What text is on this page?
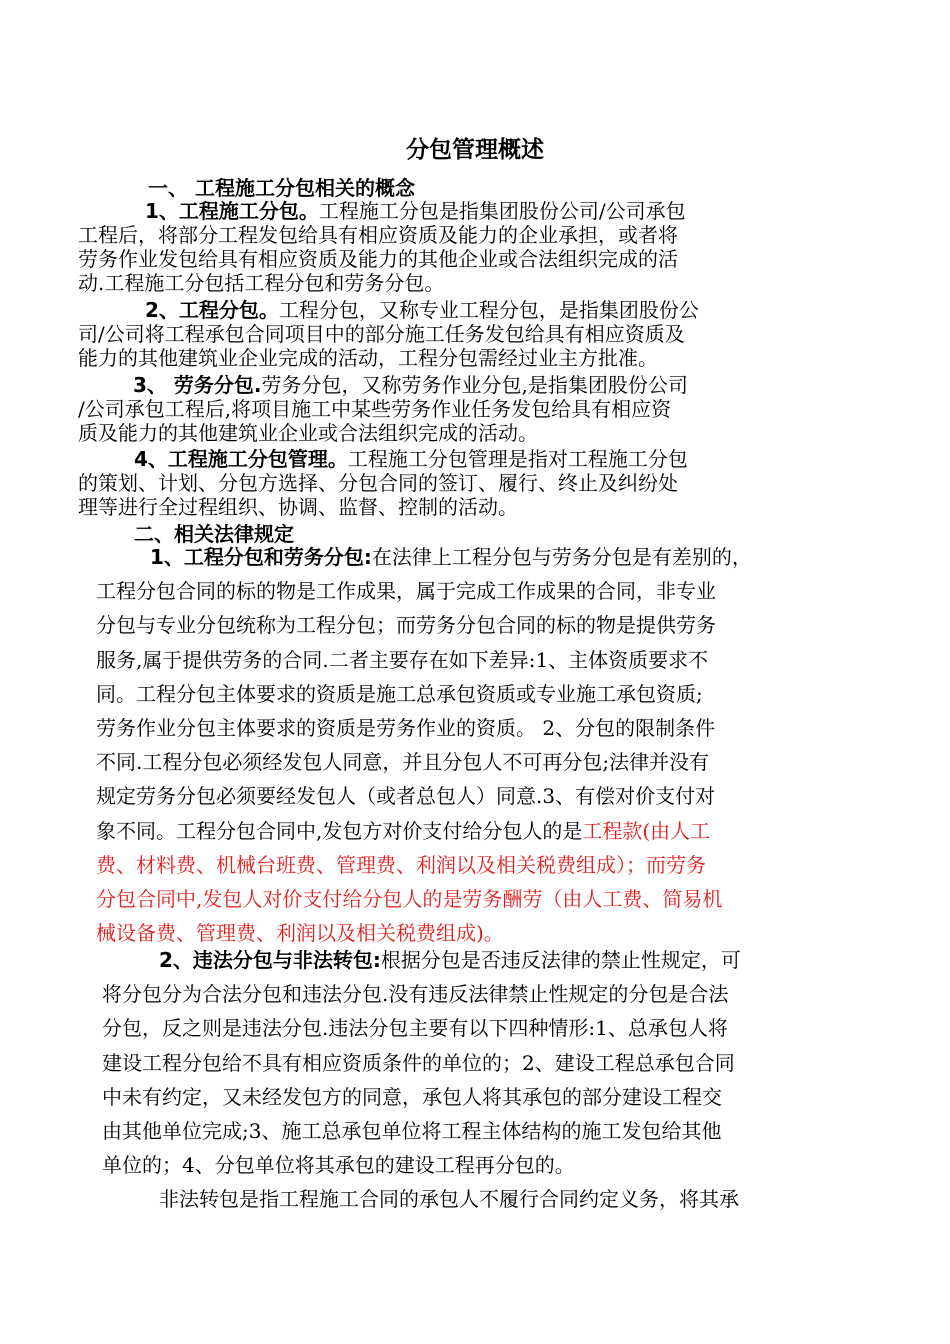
分包管理概述
一、 工程施工分包相关的概念
1、工程施工分包。工程施工分包是指集团股份公司/公司承包
工程后，将部分工程发包给具有相应资质及能力的企业承担，或者将
劳务作业发包给具有相应资质及能力的其他企业或合法组织完成的活
动.工程施工分包括工程分包和劳务分包。
2、工程分包。工程分包，又称专业工程分包，是指集团股份公
司/公司将工程承包合同项目中的部分施工任务发包给具有相应资质及
能力的其他建筑业企业完成的活动，工程分包需经过业主方批准。
3、 劳务分包.劳务分包，又称劳务作业分包,是指集团股份公司
/公司承包工程后,将项目施工中某些劳务作业任务发包给具有相应资
质及能力的其他建筑业企业或合法组织完成的活动。
4、工程施工分包管理。工程施工分包管理是指对工程施工分包
的策划、计划、分包方选择、分包合同的签订、履行、终止及纠纷处
理等进行全过程组织、协调、监督、控制的活动。
二、相关法律规定
1、工程分包和劳务分包:在法律上工程分包与劳务分包是有差别的，
工程分包合同的标的物是工作成果，属于完成工作成果的合同，非专业
分包与专业分包统称为工程分包；而劳务分包合同的标的物是提供劳务
服务,属于提供劳务的合同.二者主要存在如下差异:1、主体资质要求不
同。工程分包主体要求的资质是施工总承包资质或专业施工承包资质;
劳务作业分包主体要求的资质是劳务作业的资质。 2、分包的限制条件
不同.工程分包必须经发包人同意，并且分包人不可再分包;法律并没有
规定劳务分包必须要经发包人（或者总包人）同意.3、有偿对价支付对
象不同。工程分包合同中,发包方对价支付给分包人的是工程款(由人工
费、材料费、机械台班费、管理费、利润以及相关税费组成）；而劳务
分包合同中,发包人对价支付给分包人的是劳务酬劳（由人工费、简易机
械设备费、管理费、利润以及相关税费组成)。
2、违法分包与非法转包:根据分包是否违反法律的禁止性规定，可
将分包分为合法分包和违法分包.没有违反法律禁止性规定的分包是合法
分包，反之则是违法分包.违法分包主要有以下四种情形:1、总承包人将
建设工程分包给不具有相应资质条件的单位的；2、建设工程总承包合同
中未有约定，又未经发包方的同意，承包人将其承包的部分建设工程交
由其他单位完成;3、施工总承包单位将工程主体结构的施工发包给其他
单位的；4、分包单位将其承包的建设工程再分包的。
非法转包是指工程施工合同的承包人不履行合同约定义务，将其承
